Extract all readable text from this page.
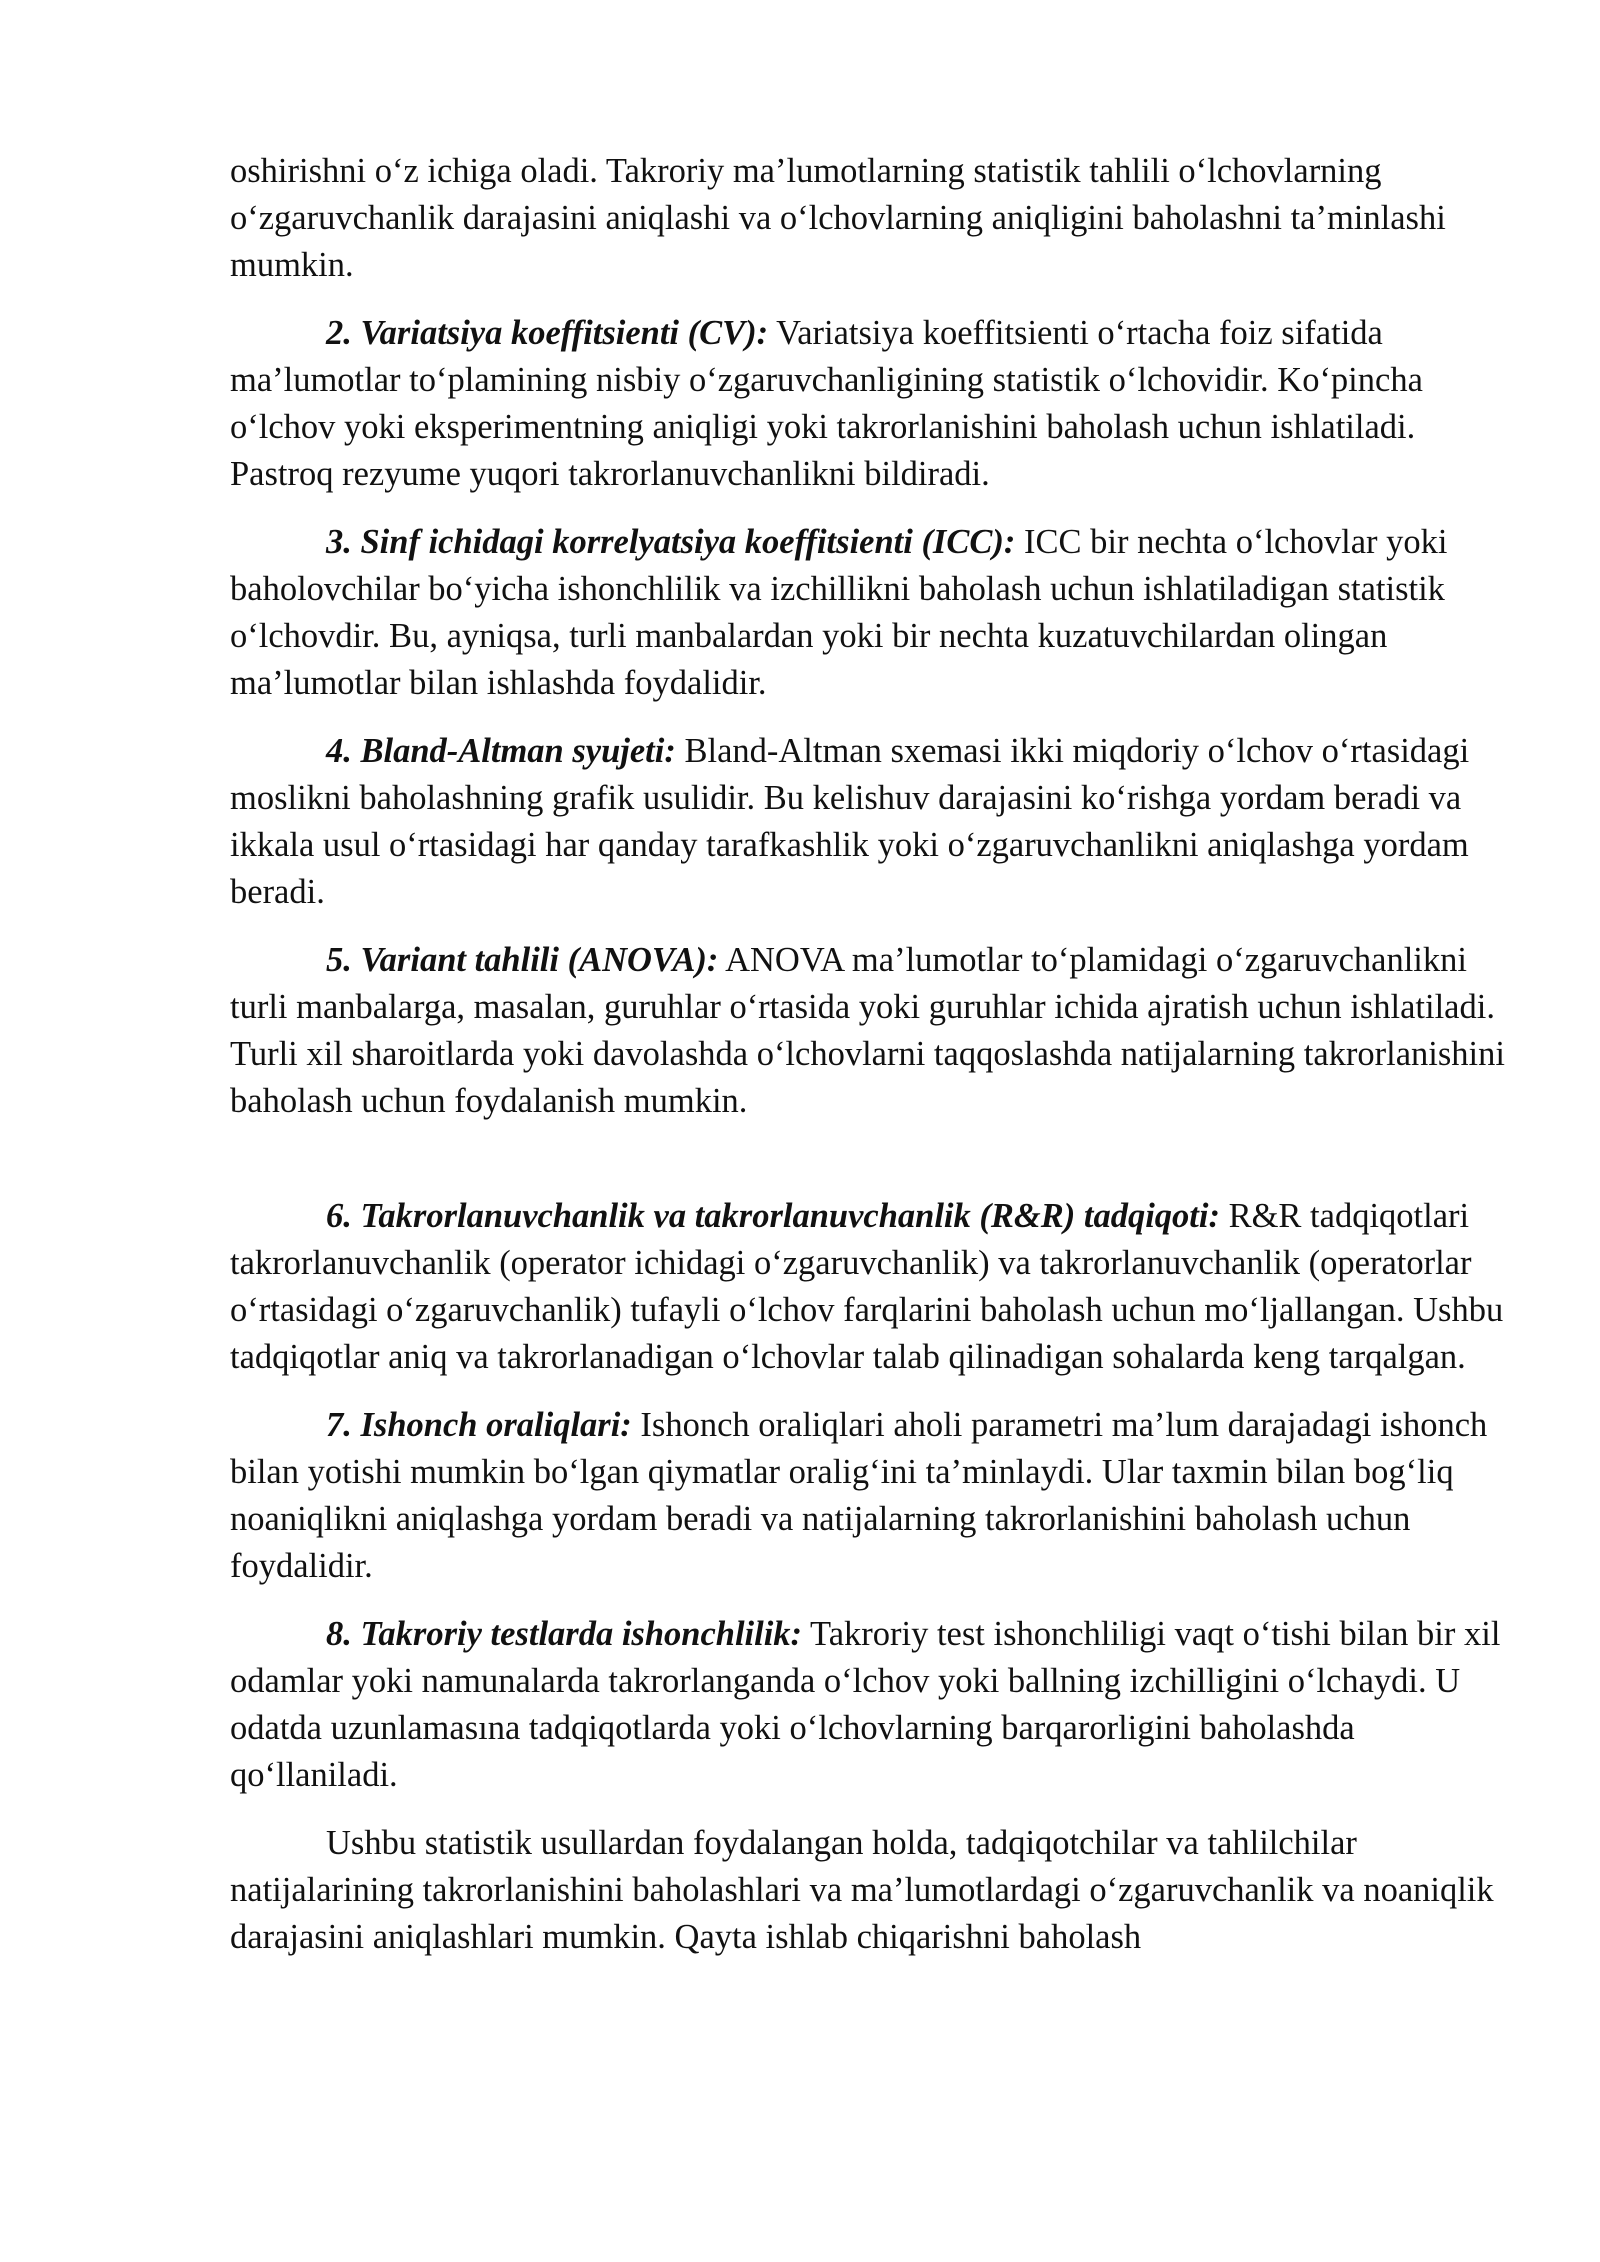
oshirishni o‘z ichiga oladi. Takroriy ma’lumotlarning statistik tahlili o‘lchovlarning o‘zgaruvchanlik darajasini aniqlashi va o‘lchovlarning aniqligini baholashni ta’minlashi mumkin.

2. Variatsiya koeffitsienti (CV): Variatsiya koeffitsienti o‘rtacha foiz sifatida ma’lumotlar to‘plamining nisbiy o‘zgaruvchanligining statistik o‘lchovidir. Ko‘pincha o‘lchov yoki eksperimentning aniqligi yoki takrorlanishini baholash uchun ishlatiladi. Pastroq rezyume yuqori takrorlanuvchanlikni bildiradi.

3. Sinf ichidagi korrelyatsiya koeffitsienti (ICC): ICC bir nechta o‘lchovlar yoki baholovchilar bo‘yicha ishonchlilik va izchillikni baholash uchun ishlatiladigan statistik o‘lchovdir. Bu, ayniqsa, turli manbalardan yoki bir nechta kuzatuvchilardan olingan ma’lumotlar bilan ishlashda foydalidir.

4. Bland-Altman syujeti: Bland-Altman sxemasi ikki miqdoriy o‘lchov o‘rtasidagi moslikni baholashning grafik usulidir. Bu kelishuv darajasini ko‘rishga yordam beradi va ikkala usul o‘rtasidagi har qanday tarafkashlik yoki o‘zgaruvchanlikni aniqlashga yordam beradi.

5. Variant tahlili (ANOVA): ANOVA ma’lumotlar to‘plamidagi o‘zgaruvchanlikni turli manbalarga, masalan, guruhlar o‘rtasida yoki guruhlar ichida ajratish uchun ishlatiladi. Turli xil sharoitlarda yoki davolashda o‘lchovlarni taqqoslashda natijalarning takrorlanishini baholash uchun foydalanish mumkin.

6. Takrorlanuvchanlik va takrorlanuvchanlik (R&R) tadqiqoti: R&R tadqiqotlari takrorlanuvchanlik (operator ichidagi o‘zgaruvchanlik) va takrorlanuvchanlik (operatorlar o‘rtasidagi o‘zgaruvchanlik) tufayli o‘lchov farqlarini baholash uchun mo‘ljallangan. Ushbu tadqiqotlar aniq va takrorlanadigan o‘lchovlar talab qilinadigan sohalarda keng tarqalgan.

7. Ishonch oraliqlari: Ishonch oraliqlari aholi parametri ma’lum darajadagi ishonch bilan yotishi mumkin bo‘lgan qiymatlar oralig‘ini ta’minlaydi. Ular taxmin bilan bog‘liq noaniqlikni aniqlashga yordam beradi va natijalarning takrorlanishini baholash uchun foydalidir.

8. Takroriy testlarda ishonchlilik: Takroriy test ishonchliligi vaqt o‘tishi bilan bir xil odamlar yoki namunalarda takrorlanganda o‘lchov yoki ballning izchilligini o‘lchaydi. U odatda uzunlamasına tadqiqotlarda yoki o‘lchovlarning barqarorligini baholashda qo‘llaniladi.

Ushbu statistik usullardan foydalangan holda, tadqiqotchilar va tahlilchilar natijalarining takrorlanishini baholashlari va ma’lumotlardagi o‘zgaruvchanlik va noaniqlik darajasini aniqlashlari mumkin. Qayta ishlab chiqarishni baholash
